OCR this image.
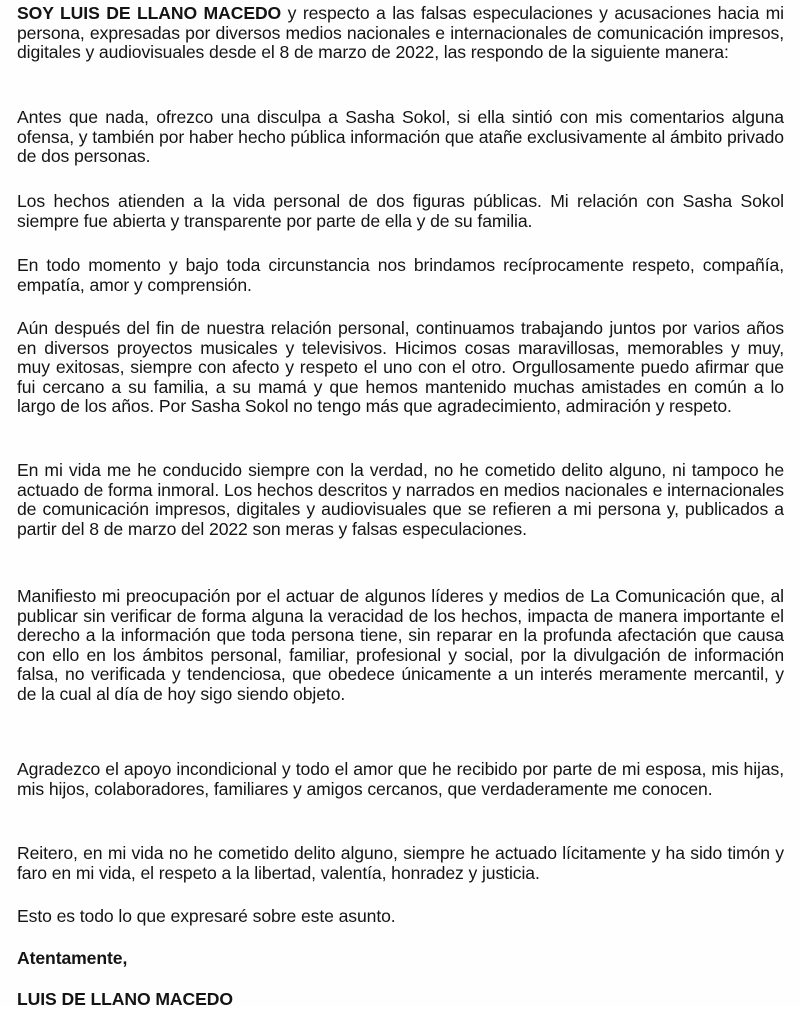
SOY LUIS DE LLANO MACEDO y respecto a las falsas especulaciones y acusaciones hacia mi persona, expresadas por diversos medios nacionales e internacionales de comunicación impresos, digitales y audiovisuales desde el 8 de marzo de 2022, las respondo de la siguiente manera:

Antes que nada, ofrezco una disculpa a Sasha Sokol, si ella sintió con mis comentarios alguna ofensa, y también por haber hecho pública información que atañe exclusivamente al ámbito privado de dos personas.

Los hechos atienden a la vida personal de dos figuras públicas. Mi relación con Sasha Sokol siempre fue abierta y transparente por parte de ella y de su familia.

En todo momento y bajo toda circunstancia nos brindamos recíprocamente respeto, compañía, empatía, amor y comprensión.

Aún después del fin de nuestra relación personal, continuamos trabajando juntos por varios años en diversos proyectos musicales y televisivos. Hicimos cosas maravillosas, memorables y muy, muy exitosas, siempre con afecto y respeto el uno con el otro. Orgullosamente puedo afirmar que fui cercano a su familia, a su mamá y que hemos mantenido muchas amistades en común a lo largo de los años. Por Sasha Sokol no tengo más que agradecimiento, admiración y respeto.

En mi vida me he conducido siempre con la verdad, no he cometido delito alguno, ni tampoco he actuado de forma inmoral. Los hechos descritos y narrados en medios nacionales e internacionales de comunicación impresos, digitales y audiovisuales que se refieren a mi persona y, publicados a partir del 8 de marzo del 2022 son meras y falsas especulaciones.

Manifiesto mi preocupación por el actuar de algunos líderes y medios de La Comunicación que, al publicar sin verificar de forma alguna la veracidad de los hechos, impacta de manera importante el derecho a la información que toda persona tiene, sin reparar en la profunda afectación que causa con ello en los ámbitos personal, familiar, profesional y social, por la divulgación de información falsa, no verificada y tendenciosa, que obedece únicamente a un interés meramente mercantil, y de la cual al día de hoy sigo siendo objeto.

Agradezco el apoyo incondicional y todo el amor que he recibido por parte de mi esposa, mis hijas, mis hijos, colaboradores, familiares y amigos cercanos, que verdaderamente me conocen.

Reitero, en mi vida no he cometido delito alguno, siempre he actuado lícitamente y ha sido timón y faro en mi vida, el respeto a la libertad, valentía, honradez y justicia.

Esto es todo lo que expresaré sobre este asunto.

Atentamente,

LUIS DE LLANO MACEDO
